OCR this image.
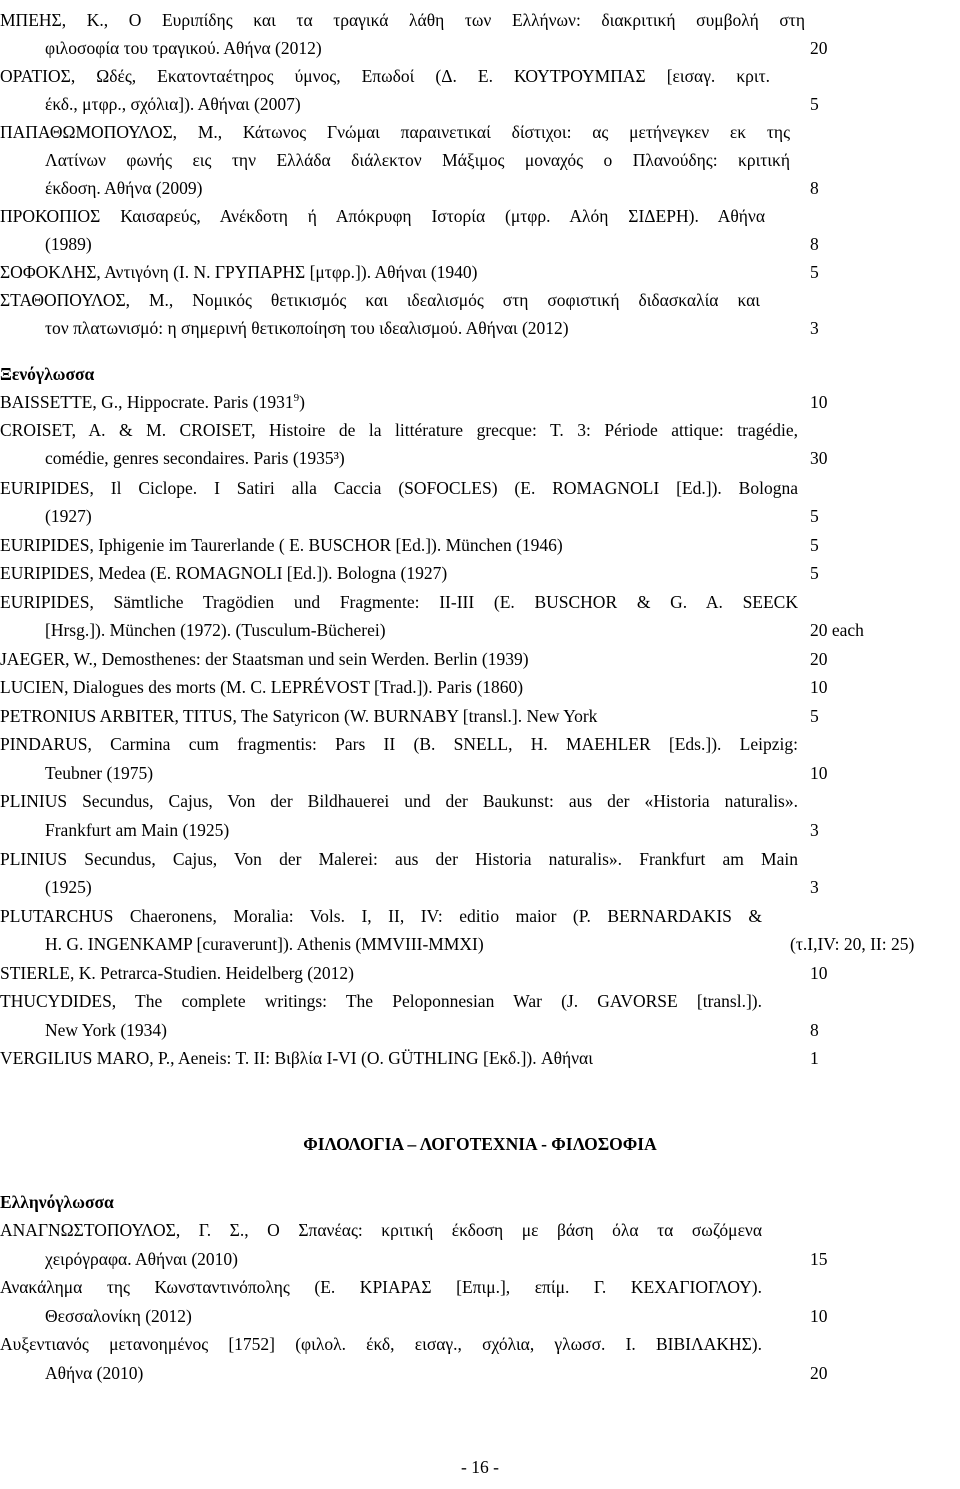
ΜΠΕΗΣ, Κ., Ο Ευριπίδης και τα τραγικά λάθη των Ελλήνων: διακριτική συμβολή στη
φιλοσοφία του τραγικού. Αθήνα (2012)	20
ΟΡΑΤΙΟΣ, Ωδές, Εκατονταέτηρος ύμνος, Επωδοί (Δ. Ε. ΚΟΥΤΡΟΥΜΠΑΣ [εισαγ. κριτ.
έκδ., μτφρ., σχόλια]). Αθήναι (2007)	5
ΠΑΠΑΘΩΜΟΠΟΥΛΟΣ, Μ., Κάτωνος Γνώμαι παραινετικαί δίστιχοι: ας μετήνεγκεν εκ της
Λατίνων φωνής εις την Ελλάδα διάλεκτον Μάξιμος μοναχός ο Πλανούδης: κριτική
έκδοση. Αθήνα (2009)	8
ΠΡΟΚΟΠΙΟΣ Καισαρεύς, Ανέκδοτη ή Απόκρυφη Ιστορία (μτφρ. Αλόη ΣΙΔΕΡΗ). Αθήνα
(1989)	8
ΣΟΦΟΚΛΗΣ, Αντιγόνη (Ι. Ν. ΓΡΥΠΑΡΗΣ [μτφρ.]). Αθήναι (1940)	5
ΣΤΑΘΟΠΟΥΛΟΣ, Μ., Νομικός θετικισμός και ιδεαλισμός στη σοφιστική διδασκαλία και
τον πλατωνισμό: η σημερινή θετικοποίηση του ιδεαλισμού. Αθήναι (2012)	3
Ξενόγλωσσα
BAISSETTE, G., Hippocrate. Paris (1931$^9$)	10
CROISET, A. & M. CROISET, Histoire de la littérature grecque: T. 3: Période attique: tragédie,
comédie, genres secondaires. Paris (1935³)	30
EURIPIDES, Il Ciclope. I Satiri alla Caccia (SOFOCLES) (E. ROMAGNOLI [Ed.]). Bologna
(1927)	5
EURIPIDES, Iphigenie im Taurerlande ( E. BUSCHOR [Ed.]). München (1946)	5
EURIPIDES, Medea (E. ROMAGNOLI [Ed.]). Bologna (1927)	5
EURIPIDES, Sämtliche Tragödien und Fragmente: II-III (E. BUSCHOR & G. A. SEECK
[Hrsg.]). München (1972). (Tusculum-Bücherei)	20 each
JAEGER, W., Demosthenes: der Staatsman und sein Werden. Berlin (1939)	20
LUCIEN, Dialogues des morts (M. C. LEPRÉVOST [Trad.]). Paris (1860)	10
PETRONIUS ARBITER, TITUS, The Satyricon (W. BURNABY [transl.]. New York	5
PINDARUS, Carmina cum fragmentis: Pars II (B. SNELL, H. MAEHLER [Eds.]). Leipzig:
Teubner (1975)	10
PLINIUS Secundus, Cajus, Von der Bildhauerei und der Baukunst: aus der «Historia naturalis».
Frankfurt am Main (1925)	3
PLINIUS Secundus, Cajus, Von der Malerei: aus der Historia naturalis». Frankfurt am Main
(1925)	3
PLUTARCHUS Chaeronens, Moralia: Vols. I, II, IV: editio maior (P. BERNARDAKIS &
H. G. INGENKAMP [curaverunt]). Athenis (MMVIII-MMXI)	(τ.I,IV: 20, II: 25)
STIERLE, K. Petrarca-Studien. Heidelberg (2012)	10
THUCYDIDES, The complete writings: The Peloponnesian War (J. GAVORSE [transl.]).
New York (1934)	8
VERGILIUS MARO, P., Aeneis: T. II: Βιβλία Ι-VI (O. GÜTHLING [Εκδ.]). Αθήναι	1
ΦΙΛΟΛΟΓΙΑ – ΛΟΓΟΤΕΧΝΙΑ - ΦΙΛΟΣΟΦΙΑ
Ελληνόγλωσσα
ΑΝΑΓΝΩΣΤΟΠΟΥΛΟΣ, Γ. Σ., Ο Σπανέας: κριτική έκδοση με βάση όλα τα σωζόμενα
χειρόγραφα. Αθήναι (2010)	15
Ανακάλημα της Κωνσταντινόπολης (Ε. ΚΡΙΑΡΑΣ [Επιμ.], επίμ. Γ. ΚΕΧΑΓΙΟΓΛΟΥ).
Θεσσαλονίκη (2012)	10
Αυξεντιανός μετανοημένος [1752] (φιλολ. έκδ, εισαγ., σχόλια, γλωσσ. Ι. ΒΙΒΙΛΑΚΗΣ).
Αθήνα (2010)	20
- 16 -
